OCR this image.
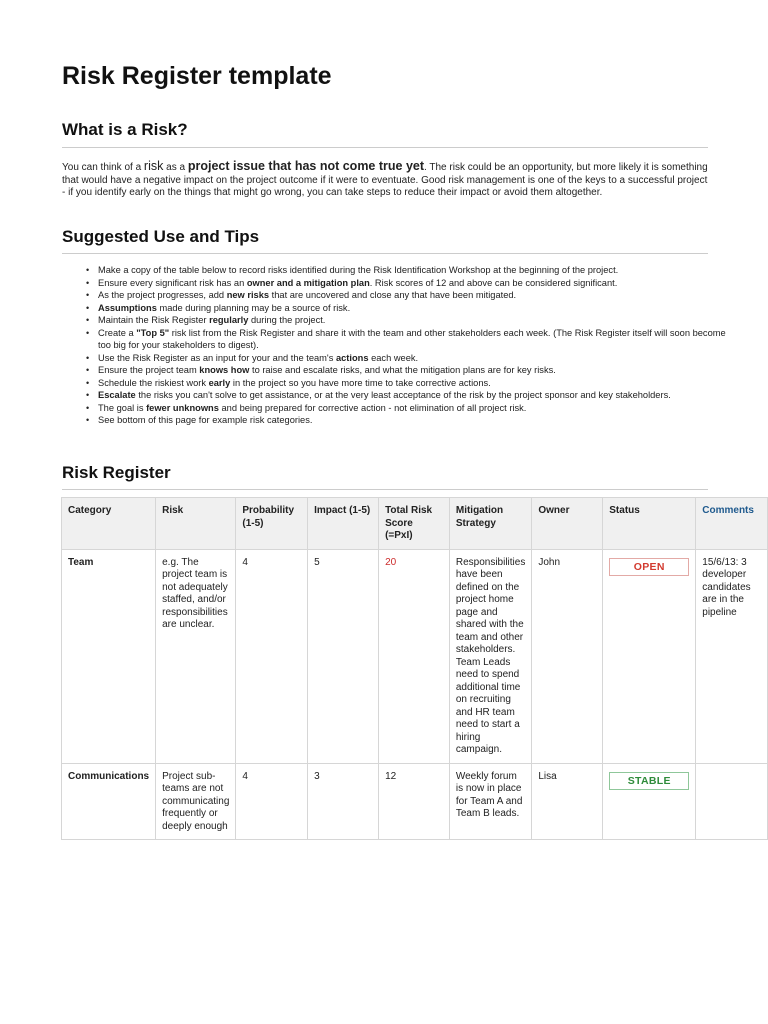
Risk Register template
What is a Risk?
You can think of a risk as a project issue that has not come true yet. The risk could be an opportunity, but more likely it is something that would have a negative impact on the project outcome if it were to eventuate. Good risk management is one of the keys to a successful project - if you identify early on the things that might go wrong, you can take steps to reduce their impact or avoid them altogether.
Suggested Use and Tips
• Make a copy of the table below to record risks identified during the Risk Identification Workshop at the beginning of the project.
• Ensure every significant risk has an owner and a mitigation plan. Risk scores of 12 and above can be considered significant.
• As the project progresses, add new risks that are uncovered and close any that have been mitigated.
• Assumptions made during planning may be a source of risk.
• Maintain the Risk Register regularly during the project.
• Create a "Top 5" risk list from the Risk Register and share it with the team and other stakeholders each week. (The Risk Register itself will soon become too big for your stakeholders to digest).
• Use the Risk Register as an input for your and the team's actions each week.
• Ensure the project team knows how to raise and escalate risks, and what the mitigation plans are for key risks.
• Schedule the riskiest work early in the project so you have more time to take corrective actions.
• Escalate the risks you can't solve to get assistance, or at the very least acceptance of the risk by the project sponsor and key stakeholders.
• The goal is fewer unknowns and being prepared for corrective action - not elimination of all project risk.
• See bottom of this page for example risk categories.
Risk Register
Category	Risk	Probability (1-5)	Impact (1-5)	Total Risk Score (=PxI)	Mitigation Strategy	Owner	Status	Comments
Team	e.g. The project team is not adequately staffed, and/or responsibilities are unclear.	4	5	20	Responsibilities have been defined on the project home page and shared with the team and other stakeholders. Team Leads need to spend additional time on recruiting and HR team need to start a hiring campaign.	John	OPEN	15/6/13: 3 developer candidates are in the pipeline
Communications	Project sub-teams are not communicating frequently or deeply enough	4	3	12	Weekly forum is now in place for Team A and Team B leads.	Lisa	STABLE	
